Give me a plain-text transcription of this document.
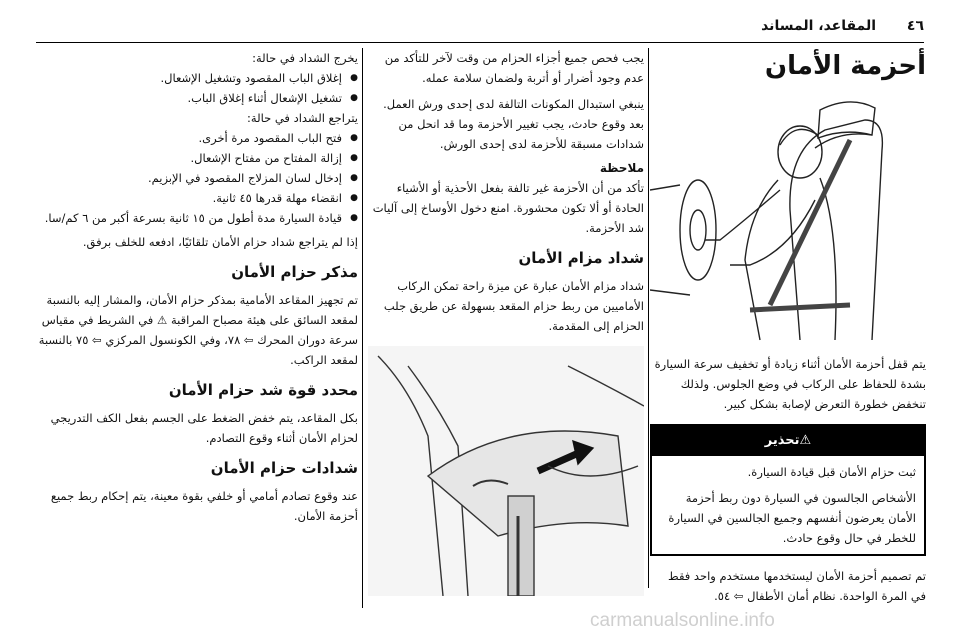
المقاعد، المساند ٤٦
أحزمة الأمان

يتم قفل أحزمة الأمان أثناء زيادة أو تخفيف سرعة السيارة بشدة للحفاظ على الركاب في وضع الجلوس. ولذلك تنخفض خطورة التعرض لإصابة بشكل كبير.

⚠تحذير

ثبت حزام الأمان قبل قيادة السيارة.

الأشخاص الجالسون في السيارة دون ربط أحزمة الأمان يعرضون أنفسهم وجميع الجالسين في السيارة للخطر في حال وقوع حادث.

تم تصميم أحزمة الأمان ليستخدمها مستخدم واحد فقط في المرة الواحدة. نظام أمان الأطفال ⇦ ٥٤.

يجب فحص جميع أجزاء الحزام من وقت لآخر للتأكد من عدم وجود أضرار أو أتربة ولضمان سلامة عمله.

ينبغي استبدال المكونات التالفة لدى إحدى ورش العمل. بعد وقوع حادث، يجب تغيير الأحزمة وما قد انحل من شدادات مسبقة للأحزمة لدى إحدى الورش.

ملاحظة

تأكد من أن الأحزمة غير تالفة بفعل الأحذية أو الأشياء الحادة أو ألا تكون محشورة. امنع دخول الأوساخ إلى آليات شد الأحزمة.

شداد مزام الأمان

شداد مزام الأمان عبارة عن ميزة راحة تمكن الركاب الأماميين من ربط حزام المقعد بسهولة عن طريق جلب الحزام إلى المقدمة.

يخرج الشداد في حالة:

● إغلاق الباب المقصود وتشغيل الإشعال.
● تشغيل الإشعال أثناء إغلاق الباب.

يتراجع الشداد في حالة:

● فتح الباب المقصود مرة أخرى.
● إزالة المفتاح من مفتاح الإشعال.
● إدخال لسان المزلاج المقصود في الإبزيم.
● انقضاء مهلة قدرها ٤٥ ثانية.
● قيادة السيارة مدة أطول من ١٥ ثانية بسرعة أكبر من ٦ كم/سا.

إذا لم يتراجع شداد حزام الأمان تلقائيًا، ادفعه للخلف برفق.

مذكر حزام الأمان

تم تجهيز المقاعد الأمامية بمذكر حزام الأمان، والمشار إليه بالنسبة لمقعد السائق على هيئة مصباح المراقبة ⚠ في الشريط في مقياس سرعة دوران المحرك ⇦ ٧٨، وفي الكونسول المركزي ⇦ ٧٥ بالنسبة لمقعد الراكب.

محدد قوة شد حزام الأمان

بكل المقاعد، يتم خفض الضغط على الجسم بفعل الكف التدريجي لحزام الأمان أثناء وقوع التصادم.

شدادات حزام الأمان

عند وقوع تصادم أمامي أو خلفي بقوة معينة، يتم إحكام ربط جميع أحزمة الأمان.

carmanualsonline.info
